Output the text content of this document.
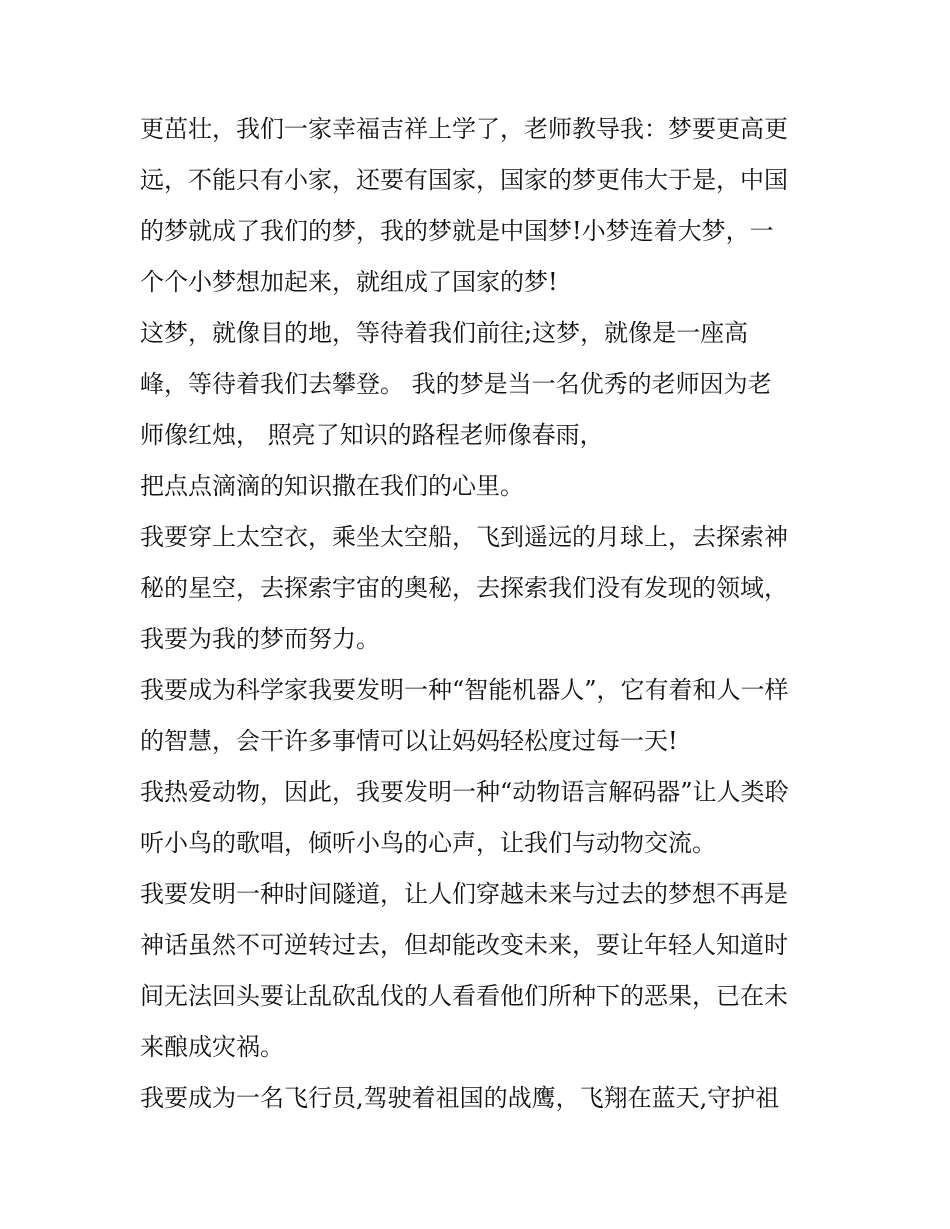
更茁壮，我们一家幸福吉祥上学了，老师教导我：梦要更高更
远，不能只有小家，还要有国家，国家的梦更伟大于是，中国
的梦就成了我们的梦，我的梦就是中国梦!小梦连着大梦，一
个个小梦想加起来，就组成了国家的梦!
这梦，就像目的地，等待着我们前往;这梦，就像是一座高
峰，等待着我们去攀登。 我的梦是当一名优秀的老师因为老
师像红烛， 照亮了知识的路程老师像春雨，
把点点滴滴的知识撒在我们的心里。
我要穿上太空衣，乘坐太空船，飞到遥远的月球上，去探索神
秘的星空，去探索宇宙的奥秘，去探索我们没有发现的领域，
我要为我的梦而努力。
我要成为科学家我要发明一种“智能机器人”，它有着和人一样
的智慧，会干许多事情可以让妈妈轻松度过每一天!
我热爱动物，因此，我要发明一种“动物语言解码器”让人类聆
听小鸟的歌唱，倾听小鸟的心声，让我们与动物交流。
我要发明一种时间隧道，让人们穿越未来与过去的梦想不再是
神话虽然不可逆转过去，但却能改变未来，要让年轻人知道时
间无法回头要让乱砍乱伐的人看看他们所种下的恶果，已在未
来酿成灾祸。
我要成为一名飞行员,驾驶着祖国的战鹰，飞翔在蓝天,守护祖
